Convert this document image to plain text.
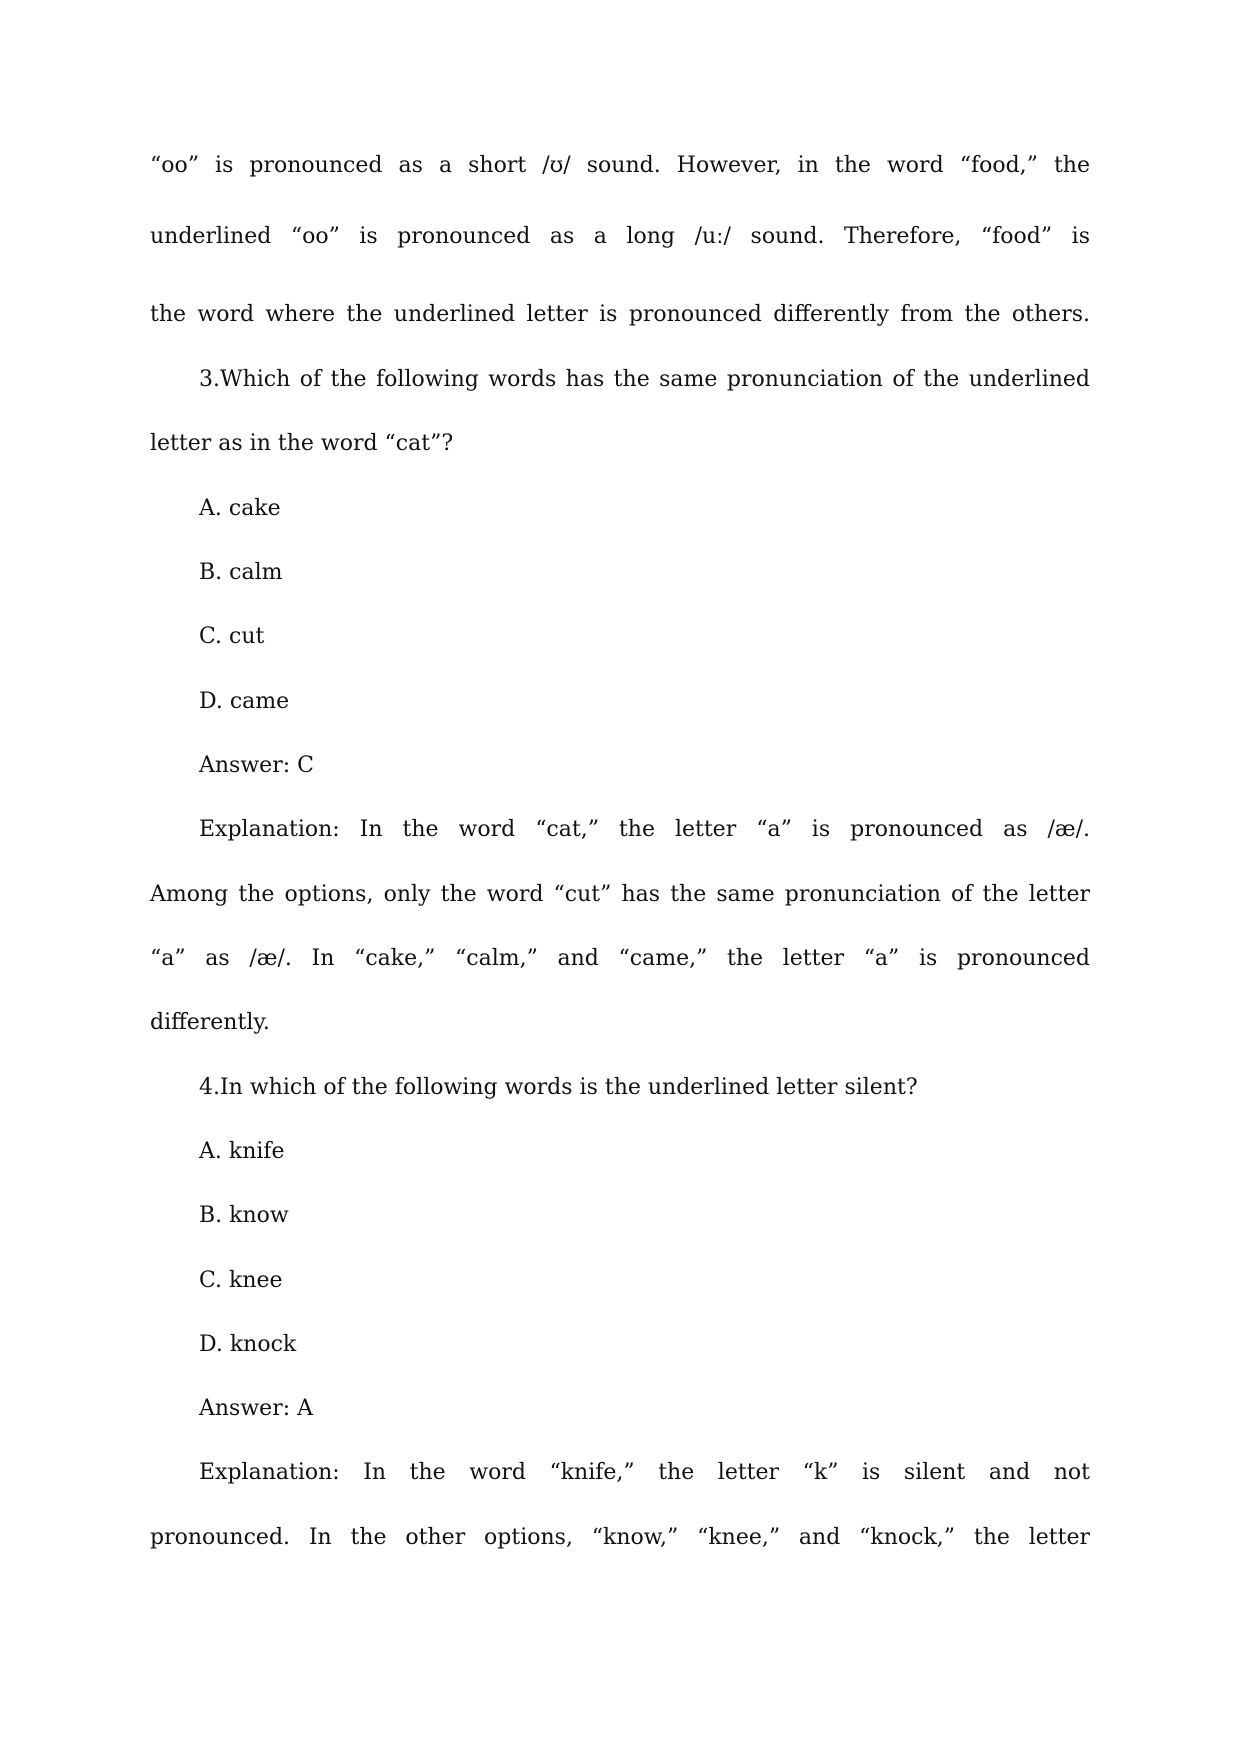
“oo” is pronounced as a short /ʊ/ sound. However, in the word “food,” the
underlined “oo” is pronounced as a long /uː/ sound. Therefore, “food” is
the word where the underlined letter is pronounced differently from the others.
3.Which of the following words has the same pronunciation of the underlined
letter as in the word “cat”?
A. cake
B. calm
C. cut
D. came
Answer: C
Explanation: In the word “cat,” the letter “a” is pronounced as /æ/.
Among the options, only the word “cut” has the same pronunciation of the letter
“a” as /æ/. In “cake,” “calm,” and “came,” the letter “a” is pronounced
differently.
4.In which of the following words is the underlined letter silent?
A. knife
B. know
C. knee
D. knock
Answer: A
Explanation: In the word “knife,” the letter “k” is silent and not
pronounced. In the other options, “know,” “knee,” and “knock,” the letter
